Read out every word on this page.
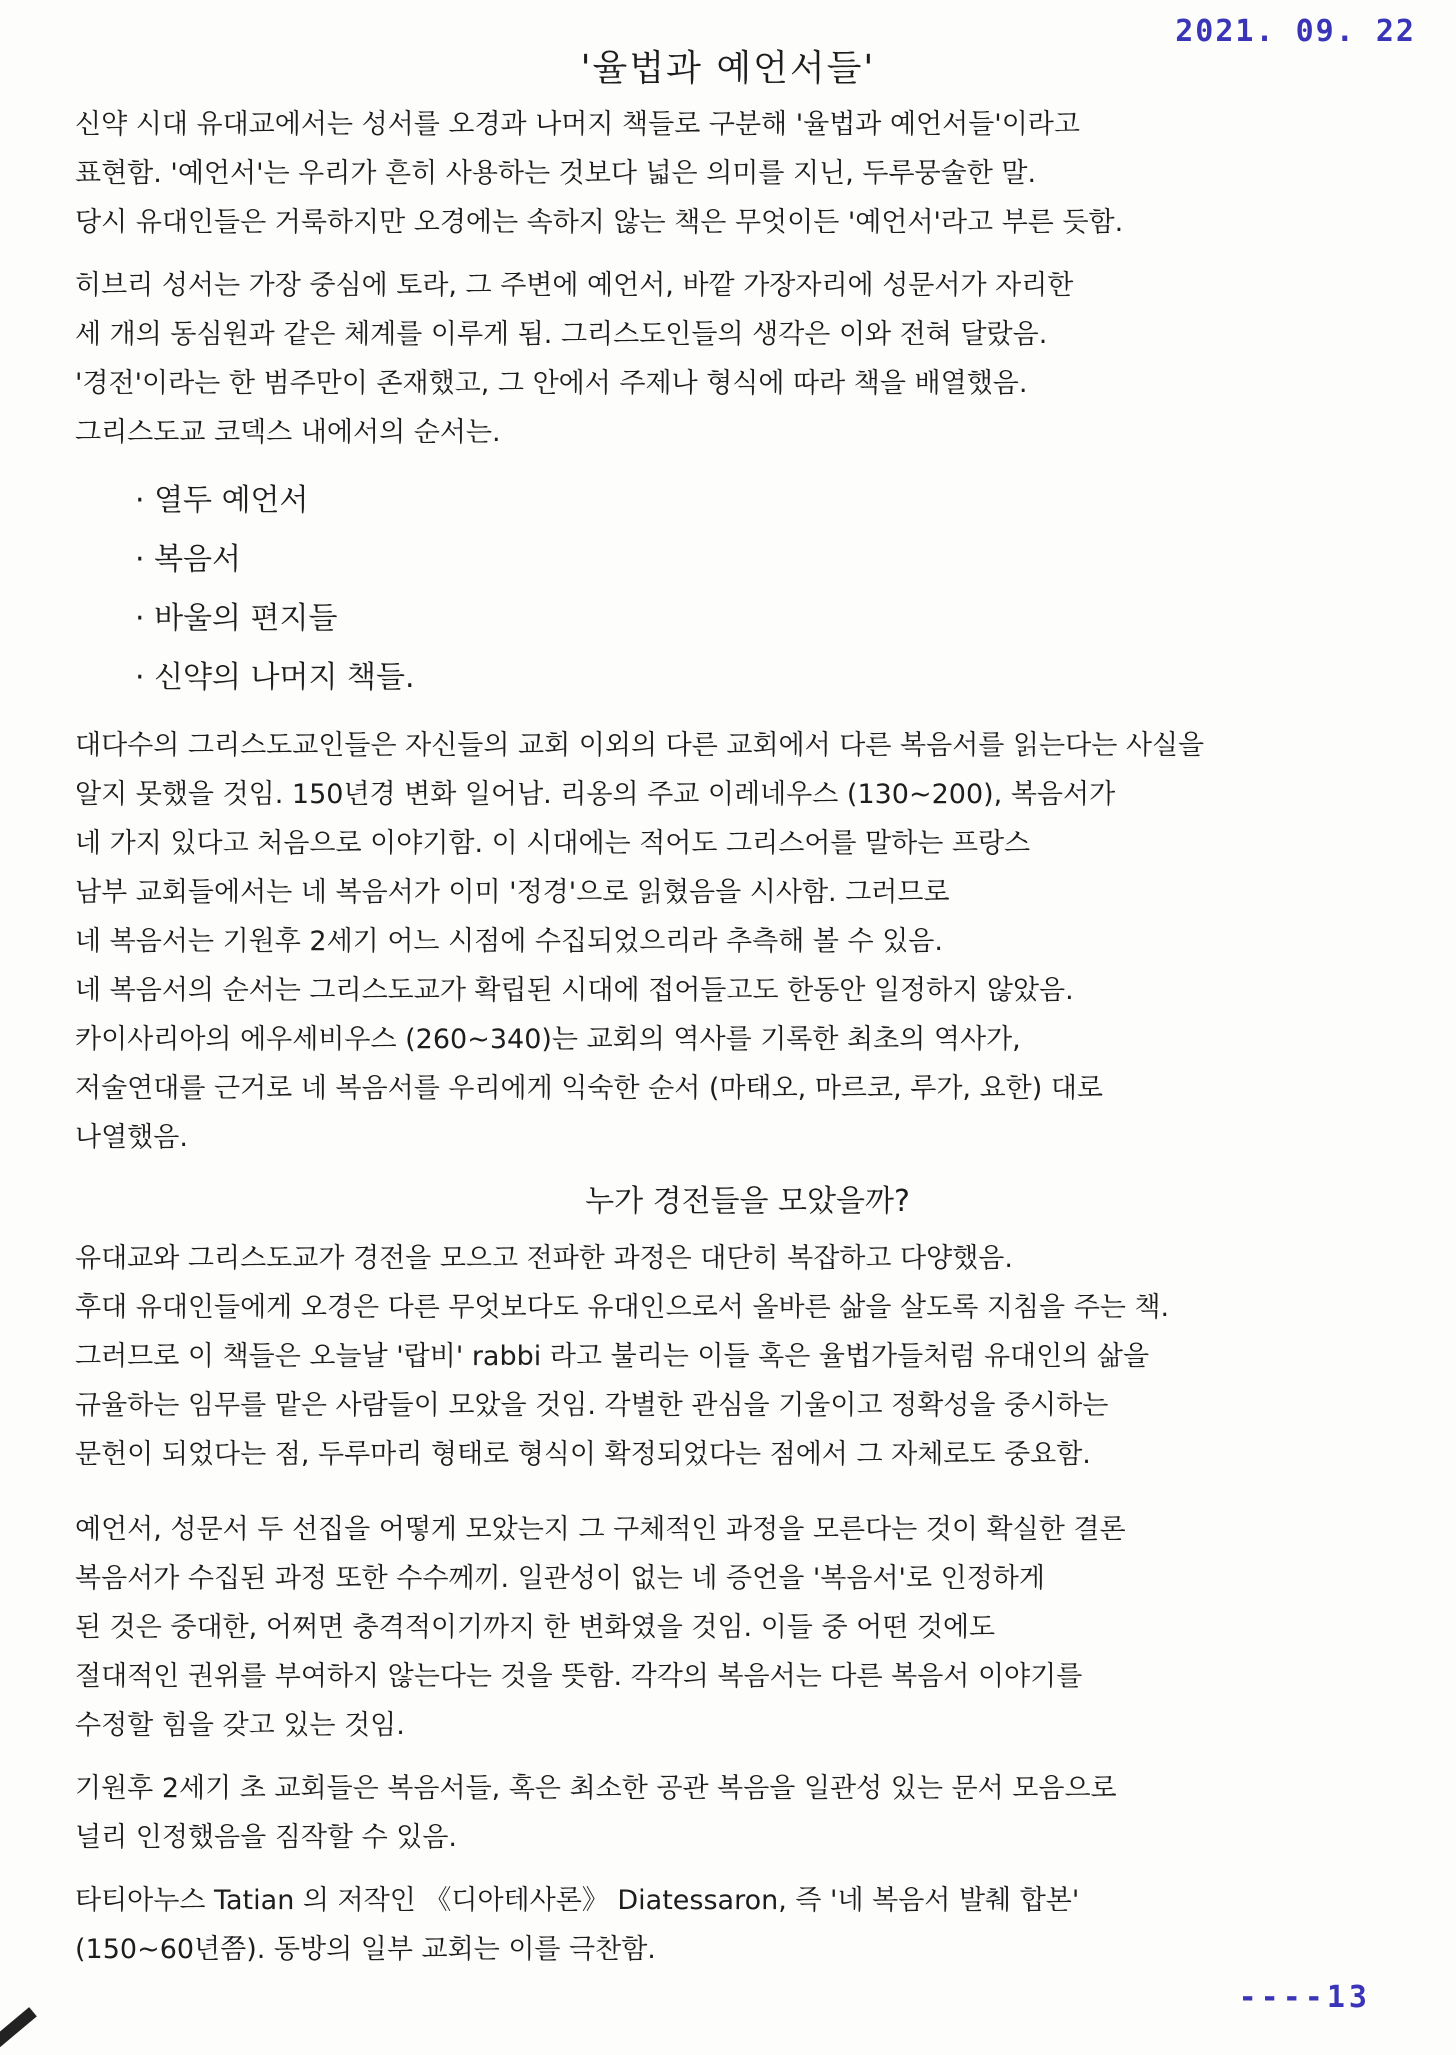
2021. 09. 22
'율법과 예언서들'
신약 시대 유대교에서는 성서를 오경과 나머지 책들로 구분해 '율법과 예언서들'이라고
표현함. '예언서'는 우리가 흔히 사용하는 것보다 넓은 의미를 지닌, 두루뭉술한 말.
당시 유대인들은 거룩하지만 오경에는 속하지 않는 책은 무엇이든 '예언서'라고 부른 듯함.
히브리 성서는 가장 중심에 토라, 그 주변에 예언서, 바깥 가장자리에 성문서가 자리한
세 개의 동심원과 같은 체계를 이루게 됨. 그리스도인들의 생각은 이와 전혀 달랐음.
'경전'이라는 한 범주만이 존재했고, 그 안에서 주제나 형식에 따라 책을 배열했음.
그리스도교 코덱스 내에서의 순서는.
· 열두 예언서
· 복음서
· 바울의 편지들
· 신약의 나머지 책들.
대다수의 그리스도교인들은 자신들의 교회 이외의 다른 교회에서 다른 복음서를 읽는다는 사실을
알지 못했을 것임. 150년경 변화 일어남. 리옹의 주교 이레네우스 (130~200), 복음서가
네 가지 있다고 처음으로 이야기함. 이 시대에는 적어도 그리스어를 말하는 프랑스
남부 교회들에서는 네 복음서가 이미 '정경'으로 읽혔음을 시사함. 그러므로
네 복음서는 기원후 2세기 어느 시점에 수집되었으리라 추측해 볼 수 있음.
네 복음서의 순서는 그리스도교가 확립된 시대에 접어들고도 한동안 일정하지 않았음.
카이사리아의 에우세비우스 (260~340)는 교회의 역사를 기록한 최초의 역사가,
저술연대를 근거로 네 복음서를 우리에게 익숙한 순서 (마태오, 마르코, 루가, 요한) 대로
나열했음.
누가 경전들을 모았을까?
유대교와 그리스도교가 경전을 모으고 전파한 과정은 대단히 복잡하고 다양했음.
후대 유대인들에게 오경은 다른 무엇보다도 유대인으로서 올바른 삶을 살도록 지침을 주는 책.
그러므로 이 책들은 오늘날 '랍비' rabbi 라고 불리는 이들 혹은 율법가들처럼 유대인의 삶을
규율하는 임무를 맡은 사람들이 모았을 것임. 각별한 관심을 기울이고 정확성을 중시하는
문헌이 되었다는 점, 두루마리 형태로 형식이 확정되었다는 점에서 그 자체로도 중요함.
예언서, 성문서 두 선집을 어떻게 모았는지 그 구체적인 과정을 모른다는 것이 확실한 결론
복음서가 수집된 과정 또한 수수께끼. 일관성이 없는 네 증언을 '복음서'로 인정하게
된 것은 중대한, 어쩌면 충격적이기까지 한 변화였을 것임. 이들 중 어떤 것에도
절대적인 권위를 부여하지 않는다는 것을 뜻함. 각각의 복음서는 다른 복음서 이야기를
수정할 힘을 갖고 있는 것임.
기원후 2세기 초 교회들은 복음서들, 혹은 최소한 공관 복음을 일관성 있는 문서 모음으로
널리 인정했음을 짐작할 수 있음.
타티아누스 Tatian 의 저작인 《디아테사론》 Diatessaron, 즉 '네 복음서 발췌 합본'
(150~60년쯤). 동방의 일부 교회는 이를 극찬함.
----13
